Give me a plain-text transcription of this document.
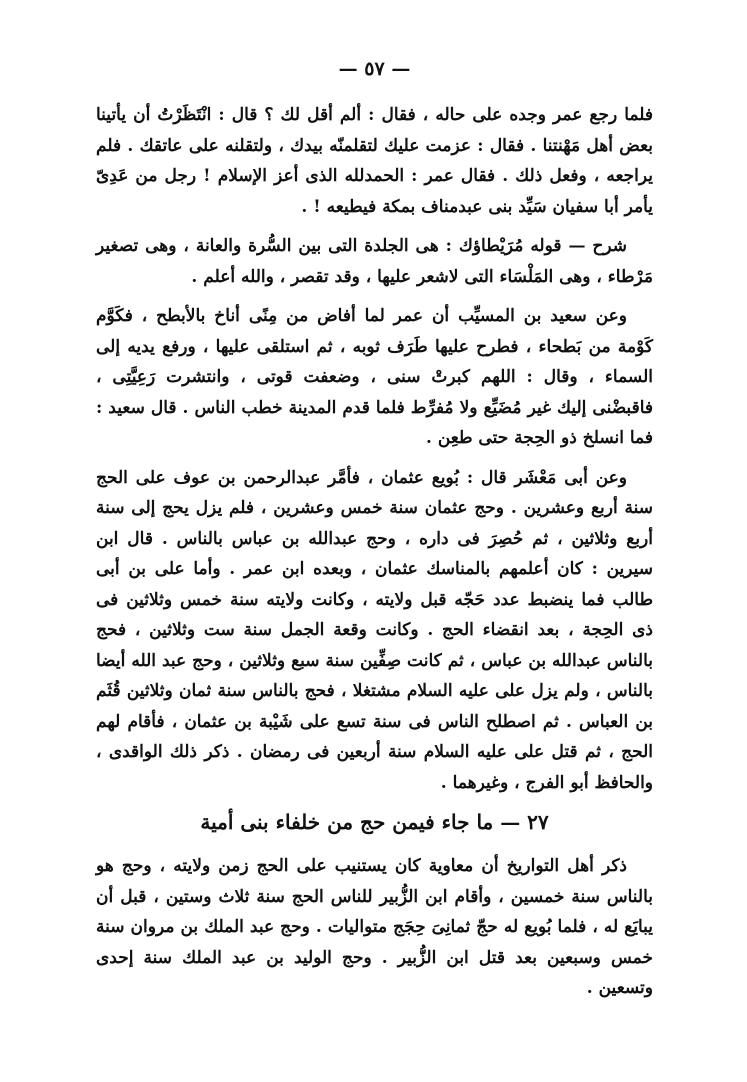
— ٥٧ —

فلما رجع عمر وجده على حاله ، فقال : ألم أقل لك ؟ قال : انْتَظَرْتُ أن يأتينا بعض أهل مَهْنتنا . فقال : عزمت عليك لتقلمنّه بيدك ، ولتقلنه على عاتقك . فلم يراجعه ، وفعل ذلك . فقال عمر : الحمدلله الذى أعز الإسلام ! رجل من عَدِىّ يأمر أبا سفيان سَيِّد بنى عبدمناف بمكة فيطيعه ! .

شرح — قوله مُرَيْطاؤك : هى الجلدة التى بين السُّرة والعانة ، وهى تصغير مَرْطاء ، وهى المَلْسَاء التى لاشعر عليها ، وقد تقصر ، والله أعلم .

وعن سعيد بن المسيِّب أن عمر لما أفاض من مِنًى أناخ بالأبطح ، فكَوَّم كَوْمة من بَطحاء ، فطرح عليها طَرَف ثوبه ، ثم استلقى عليها ، ورفع يديه إلى السماء ، وقال : اللهم كبرتْ سنى ، وضعفت قوتى ، وانتشرت رَعِيَّتِى ، فاقبضْنى إليك غير مُضَيِّع ولا مُفرِّط فلما قدم المدينة خطب الناس . قال سعيد : فما انسلخ ذو الحِجة حتى طعِن .

وعن أبى مَعْشَر قال : بُويع عثمان ، فأمَّر عبدالرحمن بن عوف على الحج سنة أربع وعشرين . وحج عثمان سنة خمس وعشرين ، فلم يزل يحج إلى سنة أربع وثلاثين ، ثم حُصِرَ فى داره ، وحج عبدالله بن عباس بالناس . قال ابن سيرين : كان أعلمهم بالمناسك عثمان ، وبعده ابن عمر . وأما على بن أبى طالب فما ينضبط عدد حَجّه قبل ولايته ، وكانت ولايته سنة خمس وثلاثين فى ذى الحِجة ، بعد انقضاء الحج . وكانت وقعة الجمل سنة ست وثلاثين ، فحج بالناس عبدالله بن عباس ، ثم كانت صِفِّين سنة سبع وثلاثين ، وحج عبد الله أيضا بالناس ، ولم يزل على عليه السلام مشتغلا ، فحج بالناس سنة ثمان وثلاثين قُثَم بن العباس . ثم اصطلح الناس فى سنة تسع على شَيْبة بن عثمان ، فأقام لهم الحج ، ثم قتل على عليه السلام سنة أربعين فى رمضان . ذكر ذلك الواقدى ، والحافظ أبو الفرج ، وغيرهما .

٢٧ — ما جاء فيمن حج من خلفاء بنى أمية

ذكر أهل التواريخ أن معاوية كان يستنيب على الحج زمن ولايته ، وحج هو بالناس سنة خمسين ، وأقام ابن الزُّبير للناس الحج سنة ثلاث وستين ، قبل أن يبايَع له ، فلما بُويع له حجّ ثمانِىَ حِجَج متواليات . وحج عبد الملك بن مروان سنة خمس وسبعين بعد قتل ابن الزُّبير . وحج الوليد بن عبد الملك سنة إحدى وتسعين .
